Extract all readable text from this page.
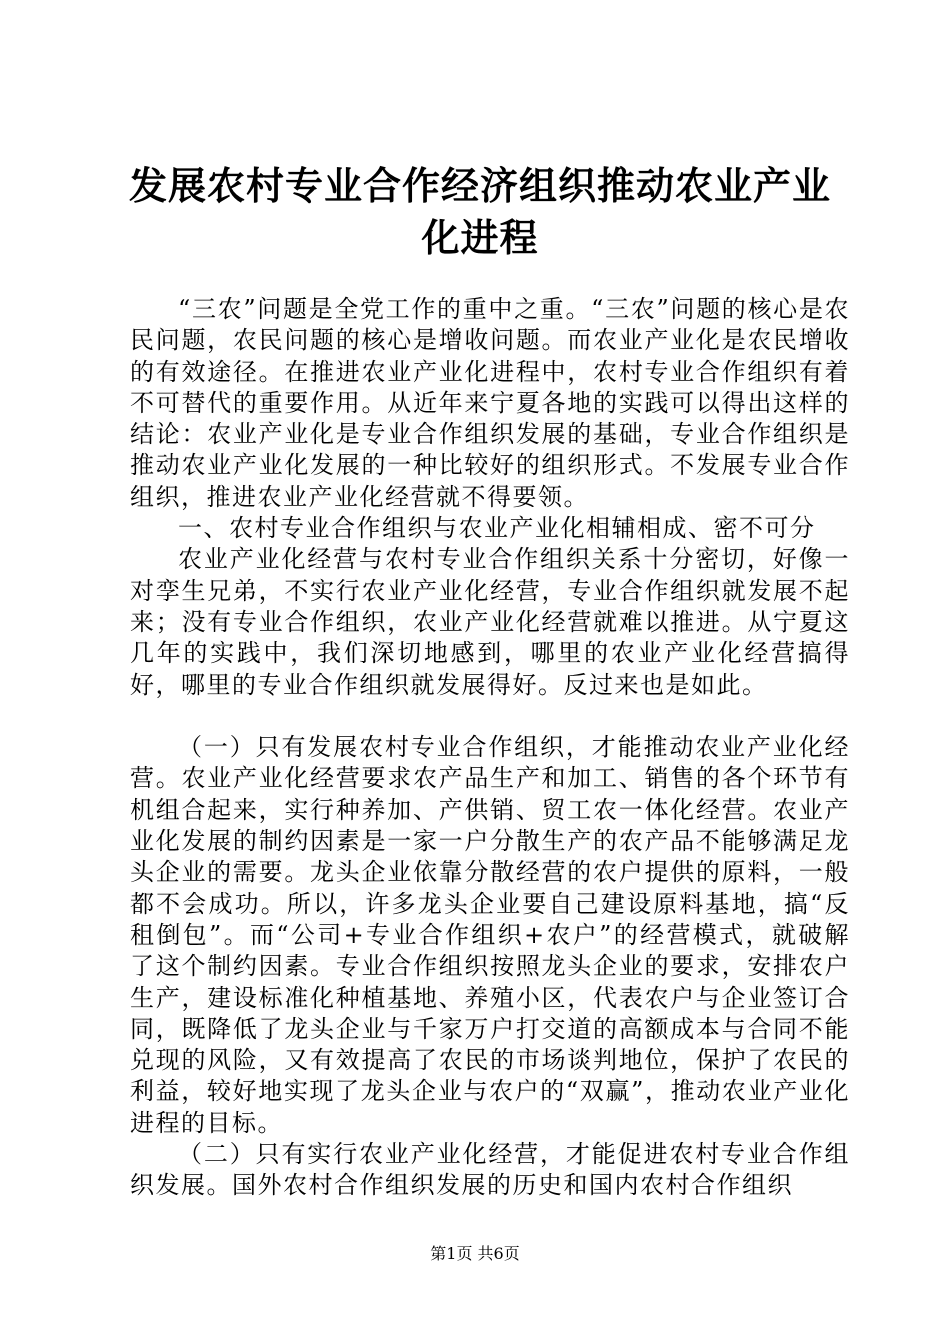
发展农村专业合作经济组织推动农业产业化进程

“三农”问题是全党工作的重中之重。“三农”问题的核心是农民问题，农民问题的核心是增收问题。而农业产业化是农民增收的有效途径。在推进农业产业化进程中，农村专业合作组织有着不可替代的重要作用。从近年来宁夏各地的实践可以得出这样的结论：农业产业化是专业合作组织发展的基础，专业合作组织是推动农业产业化发展的一种比较好的组织形式。不发展专业合作组织，推进农业产业化经营就不得要领。

一、农村专业合作组织与农业产业化相辅相成、密不可分

农业产业化经营与农村专业合作组织关系十分密切，好像一对孪生兄弟，不实行农业产业化经营，专业合作组织就发展不起来；没有专业合作组织，农业产业化经营就难以推进。从宁夏这几年的实践中，我们深切地感到，哪里的农业产业化经营搞得好，哪里的专业合作组织就发展得好。反过来也是如此。

（一）只有发展农村专业合作组织，才能推动农业产业化经营。农业产业化经营要求农产品生产和加工、销售的各个环节有机组合起来，实行种养加、产供销、贸工农一体化经营。农业产业化发展的制约因素是一家一户分散生产的农产品不能够满足龙头企业的需要。龙头企业依靠分散经营的农户提供的原料，一般都不会成功。所以，许多龙头企业要自己建设原料基地，搞“反租倒包”。而“公司+专业合作组织+农户”的经营模式，就破解了这个制约因素。专业合作组织按照龙头企业的要求，安排农户生产，建设标准化种植基地、养殖小区，代表农户与企业签订合同，既降低了龙头企业与千家万户打交道的高额成本与合同不能兑现的风险，又有效提高了农民的市场谈判地位，保护了农民的利益，较好地实现了龙头企业与农户的“双赢”，推动农业产业化进程的目标。

（二）只有实行农业产业化经营，才能促进农村专业合作组织发展。国外农村合作组织发展的历史和国内农村合作组织

第1页 共6页
